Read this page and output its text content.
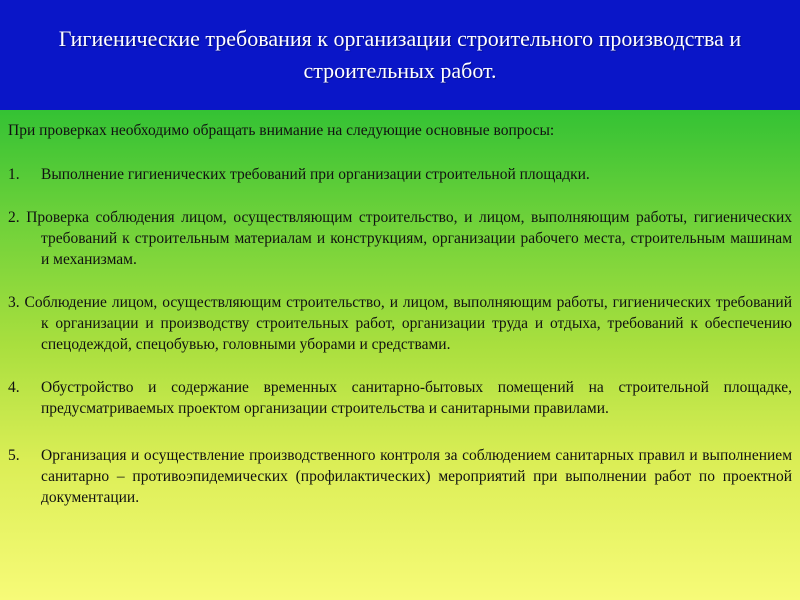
Гигиенические требования к организации строительного производства и строительных работ.

При проверках необходимо обращать внимание на следующие основные вопросы:

1.	Выполнение гигиенических требований при организации строительной площадки.
2. Проверка соблюдения лицом, осуществляющим строительство, и лицом, выполняющим работы, гигиенических требований к строительным материалам и конструкциям, организации рабочего места, строительным машинам и механизмам.
3. Соблюдение лицом, осуществляющим строительство, и лицом, выполняющим работы, гигиенических требований к организации и производству строительных работ, организации труда и отдыха, требований к обеспечению спецодеждой, спецобувью, головными уборами и средствами.
4.	Обустройство и содержание временных санитарно-бытовых помещений на строительной площадке, предусматриваемых проектом организации строительства и санитарными правилами.
5.	Организация и осуществление производственного контроля за соблюдением санитарных правил и выполнением санитарно – противоэпидемических (профилактических) мероприятий при выполнении работ по проектной документации.
